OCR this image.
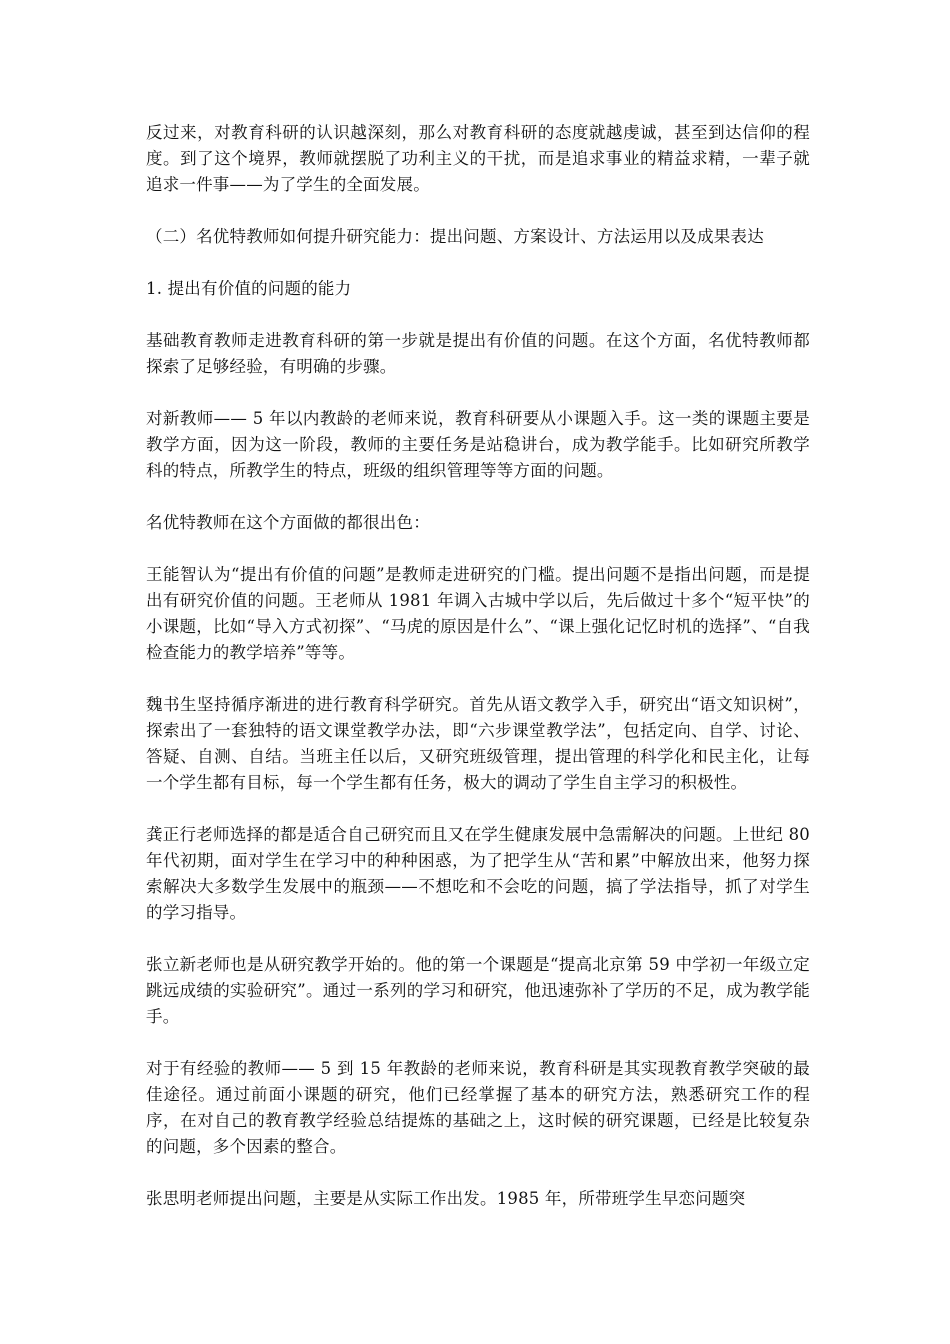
反过来，对教育科研的认识越深刻，那么对教育科研的态度就越虔诚，甚至到达信仰的程度。到了这个境界，教师就摆脱了功利主义的干扰，而是追求事业的精益求精，一辈子就追求一件事——为了学生的全面发展。

（二）名优特教师如何提升研究能力：提出问题、方案设计、方法运用以及成果表达

1. 提出有价值的问题的能力

基础教育教师走进教育科研的第一步就是提出有价值的问题。在这个方面，名优特教师都探索了足够经验，有明确的步骤。

对新教师—— 5 年以内教龄的老师来说，教育科研要从小课题入手。这一类的课题主要是教学方面，因为这一阶段，教师的主要任务是站稳讲台，成为教学能手。比如研究所教学科的特点，所教学生的特点，班级的组织管理等等方面的问题。

名优特教师在这个方面做的都很出色：

王能智认为“提出有价值的问题”是教师走进研究的门槛。提出问题不是指出问题，而是提出有研究价值的问题。王老师从 1981 年调入古城中学以后，先后做过十多个“短平快”的小课题，比如“导入方式初探”、“马虎的原因是什么”、“课上强化记忆时机的选择”、“自我检查能力的教学培养”等等。

魏书生坚持循序渐进的进行教育科学研究。首先从语文教学入手，研究出“语文知识树”，探索出了一套独特的语文课堂教学办法，即“六步课堂教学法”，包括定向、自学、讨论、答疑、自测、自结。当班主任以后，又研究班级管理，提出管理的科学化和民主化，让每一个学生都有目标，每一个学生都有任务，极大的调动了学生自主学习的积极性。

龚正行老师选择的都是适合自己研究而且又在学生健康发展中急需解决的问题。上世纪 80 年代初期，面对学生在学习中的种种困惑，为了把学生从“苦和累”中解放出来，他努力探索解决大多数学生发展中的瓶颈——不想吃和不会吃的问题，搞了学法指导，抓了对学生的学习指导。

张立新老师也是从研究教学开始的。他的第一个课题是“提高北京第 59 中学初一年级立定跳远成绩的实验研究”。通过一系列的学习和研究，他迅速弥补了学历的不足，成为教学能手。

对于有经验的教师—— 5 到 15 年教龄的老师来说，教育科研是其实现教育教学突破的最佳途径。通过前面小课题的研究，他们已经掌握了基本的研究方法，熟悉研究工作的程序，在对自己的教育教学经验总结提炼的基础之上，这时候的研究课题，已经是比较复杂的问题，多个因素的整合。

张思明老师提出问题，主要是从实际工作出发。1985 年，所带班学生早恋问题突
